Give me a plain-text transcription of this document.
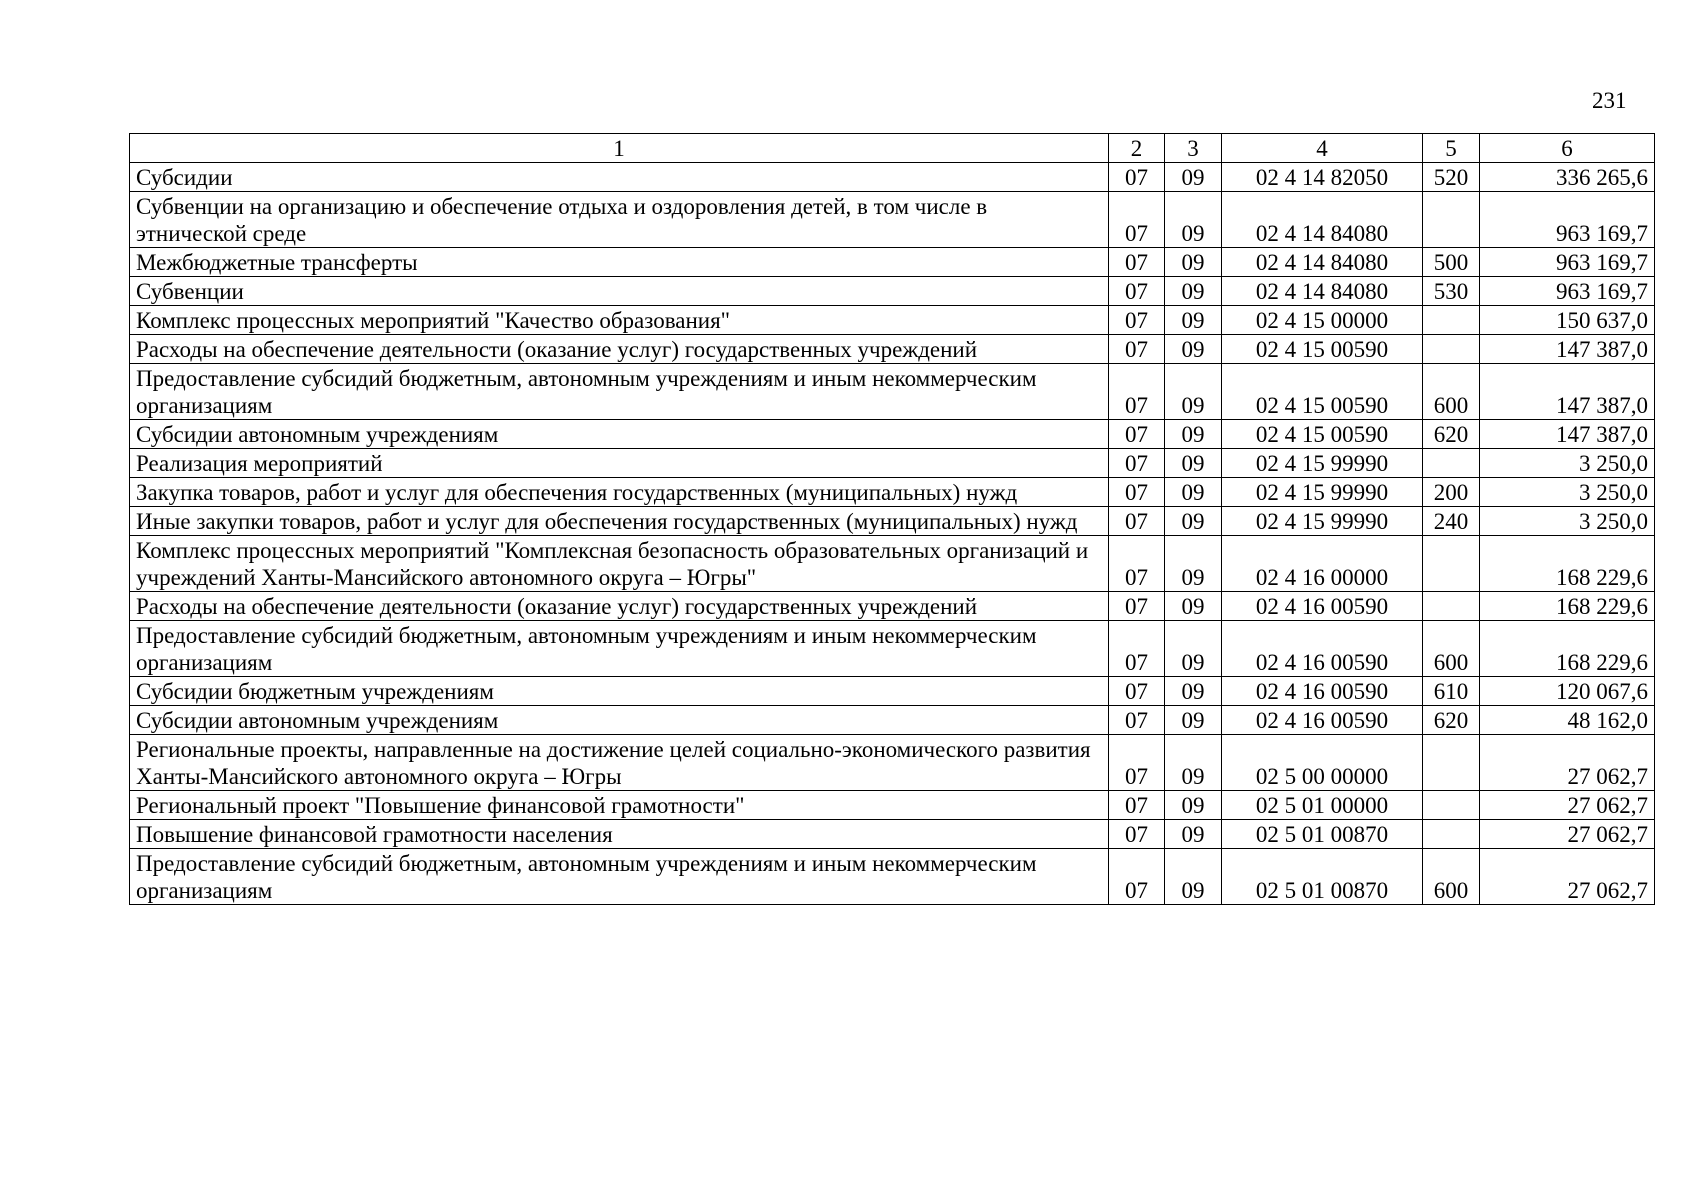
231
1	2	3	4	5	6
Субсидии	07	09	02 4 14 82050	520	336 265,6
Субвенции на организацию и обеспечение отдыха и оздоровления детей, в том числе в этнической среде	07	09	02 4 14 84080		963 169,7
Межбюджетные трансферты	07	09	02 4 14 84080	500	963 169,7
Субвенции	07	09	02 4 14 84080	530	963 169,7
Комплекс процессных мероприятий "Качество образования"	07	09	02 4 15 00000		150 637,0
Расходы на обеспечение деятельности (оказание услуг) государственных учреждений	07	09	02 4 15 00590		147 387,0
Предоставление субсидий бюджетным, автономным учреждениям и иным некоммерческим организациям	07	09	02 4 15 00590	600	147 387,0
Субсидии автономным учреждениям	07	09	02 4 15 00590	620	147 387,0
Реализация мероприятий	07	09	02 4 15 99990		3 250,0
Закупка товаров, работ и услуг для обеспечения государственных (муниципальных) нужд	07	09	02 4 15 99990	200	3 250,0
Иные закупки товаров, работ и услуг для обеспечения государственных (муниципальных) нужд	07	09	02 4 15 99990	240	3 250,0
Комплекс процессных мероприятий "Комплексная безопасность образовательных организаций и учреждений Ханты-Мансийского автономного округа – Югры"	07	09	02 4 16 00000		168 229,6
Расходы на обеспечение деятельности (оказание услуг) государственных учреждений	07	09	02 4 16 00590		168 229,6
Предоставление субсидий бюджетным, автономным учреждениям и иным некоммерческим организациям	07	09	02 4 16 00590	600	168 229,6
Субсидии бюджетным учреждениям	07	09	02 4 16 00590	610	120 067,6
Субсидии автономным учреждениям	07	09	02 4 16 00590	620	48 162,0
Региональные проекты, направленные на достижение целей социально-экономического развития Ханты-Мансийского автономного округа – Югры	07	09	02 5 00 00000		27 062,7
Региональный проект "Повышение финансовой грамотности"	07	09	02 5 01 00000		27 062,7
Повышение финансовой грамотности населения	07	09	02 5 01 00870		27 062,7
Предоставление субсидий бюджетным, автономным учреждениям и иным некоммерческим организациям	07	09	02 5 01 00870	600	27 062,7
